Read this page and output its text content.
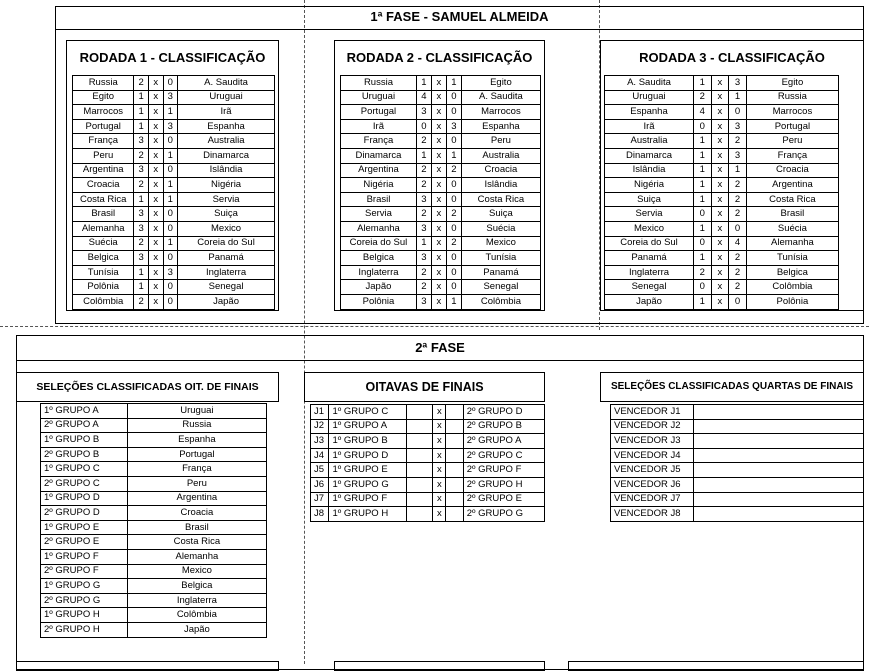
1ª FASE - SAMUEL ALMEIDA
2ª FASE
RODADA 1 - CLASSIFICAÇÃO
Russia	2	x	0	A. Saudita
Egito	1	x	3	Uruguai
Marrocos	1	x	1	Irã
Portugal	1	x	3	Espanha
França	3	x	0	Australia
Peru	2	x	1	Dinamarca
Argentina	3	x	0	Islândia
Croacia	2	x	1	Nigéria
Costa Rica	1	x	1	Servia
Brasil	3	x	0	Suiça
Alemanha	3	x	0	Mexico
Suécia	2	x	1	Coreia do Sul
Belgica	3	x	0	Panamá
Tunísia	1	x	3	Inglaterra
Polônia	1	x	0	Senegal
Colômbia	2	x	0	Japão
RODADA 2 - CLASSIFICAÇÃO
Russia	1	x	1	Egito
Uruguai	4	x	0	A. Saudita
Portugal	3	x	0	Marrocos
Irã	0	x	3	Espanha
França	2	x	0	Peru
Dinamarca	1	x	1	Australia
Argentina	2	x	2	Croacia
Nigéria	2	x	0	Islândia
Brasil	3	x	0	Costa Rica
Servia	2	x	2	Suiça
Alemanha	3	x	0	Suécia
Coreia do Sul	1	x	2	Mexico
Belgica	3	x	0	Tunísia
Inglaterra	2	x	0	Panamá
Japão	2	x	0	Senegal
Polônia	3	x	1	Colômbia
RODADA 3 - CLASSIFICAÇÃO
A. Saudita	1	x	3	Egito
Uruguai	2	x	1	Russia
Espanha	4	x	0	Marrocos
Irã	0	x	3	Portugal
Australia	1	x	2	Peru
Dinamarca	1	x	3	França
Islândia	1	x	1	Croacia
Nigéria	1	x	2	Argentina
Suiça	1	x	2	Costa Rica
Servia	0	x	2	Brasil
Mexico	1	x	0	Suécia
Coreia do Sul	0	x	4	Alemanha
Panamá	1	x	2	Tunísia
Inglaterra	2	x	2	Belgica
Senegal	0	x	2	Colômbia
Japão	1	x	0	Polônia
SELEÇÕES CLASSIFICADAS OIT. DE FINAIS
1º GRUPO A	Uruguai
2º GRUPO A	Russia
1º GRUPO B	Espanha
2º GRUPO B	Portugal
1º GRUPO C	França
2º GRUPO C	Peru
1º GRUPO D	Argentina
2º GRUPO D	Croacia
1º GRUPO E	Brasil
2º GRUPO E	Costa Rica
1º GRUPO F	Alemanha
2º GRUPO F	Mexico
1º GRUPO G	Belgica
2º GRUPO G	Inglaterra
1º GRUPO H	Colômbia
2º GRUPO H	Japão
OITAVAS DE FINAIS
J1	1º GRUPO C		x		2º GRUPO D
J2	1º GRUPO A		x		2º GRUPO B
J3	1º GRUPO B		x		2º GRUPO A
J4	1º GRUPO D		x		2º GRUPO C
J5	1º GRUPO E		x		2º GRUPO F
J6	1º GRUPO G		x		2º GRUPO H
J7	1º GRUPO F		x		2º GRUPO E
J8	1º GRUPO H		x		2º GRUPO G
SELEÇÕES CLASSIFICADAS QUARTAS DE FINAIS
VENCEDOR J1	
VENCEDOR J2	
VENCEDOR J3	
VENCEDOR J4	
VENCEDOR J5	
VENCEDOR J6	
VENCEDOR J7	
VENCEDOR J8	
